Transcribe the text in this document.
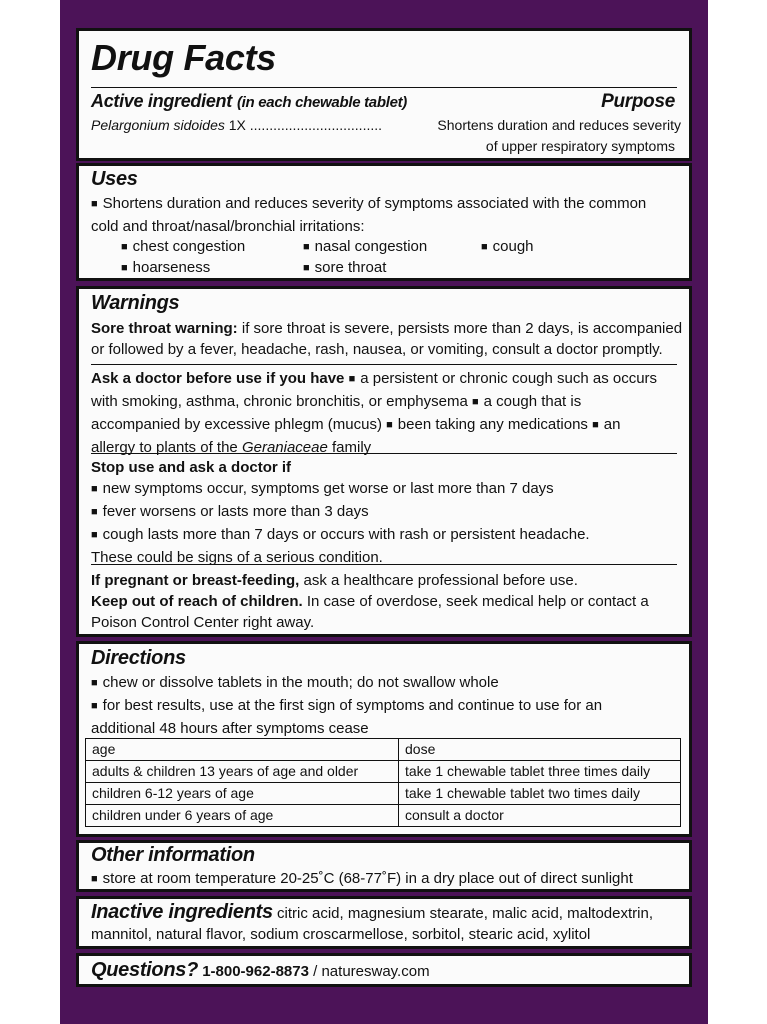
Drug Facts
Active ingredient (in each chewable tablet)	Purpose
Pelargonium sidoides 1X ..................................	Shortens duration and reduces severity
of upper respiratory symptoms
Uses
■ Shortens duration and reduces severity of symptoms associated with the common
cold and throat/nasal/bronchial irritations:
■ chest congestion	■ nasal congestion	■ cough
■ hoarseness	■ sore throat
Warnings
Sore throat warning: if sore throat is severe, persists more than 2 days, is accompanied
or followed by a fever, headache, rash, nausea, or vomiting, consult a doctor promptly.
Ask a doctor before use if you have ■ a persistent or chronic cough such as occurs
with smoking, asthma, chronic bronchitis, or emphysema ■ a cough that is
accompanied by excessive phlegm (mucus) ■ been taking any medications ■ an
allergy to plants of the Geraniaceae family
Stop use and ask a doctor if
■ new symptoms occur, symptoms get worse or last more than 7 days
■ fever worsens or lasts more than 3 days
■ cough lasts more than 7 days or occurs with rash or persistent headache.
These could be signs of a serious condition.
If pregnant or breast-feeding, ask a healthcare professional before use.
Keep out of reach of children. In case of overdose, seek medical help or contact a
Poison Control Center right away.
Directions
■ chew or dissolve tablets in the mouth; do not swallow whole
■ for best results, use at the first sign of symptoms and continue to use for an
additional 48 hours after symptoms cease
age	dose
adults & children 13 years of age and older	take 1 chewable tablet three times daily
children 6-12 years of age	take 1 chewable tablet two times daily
children under 6 years of age	consult a doctor
Other information
■ store at room temperature 20-25˚C (68-77˚F) in a dry place out of direct sunlight
Inactive ingredients citric acid, magnesium stearate, malic acid, maltodextrin,
mannitol, natural flavor, sodium croscarmellose, sorbitol, stearic acid, xylitol
Questions? 1-800-962-8873 / naturesway.com
